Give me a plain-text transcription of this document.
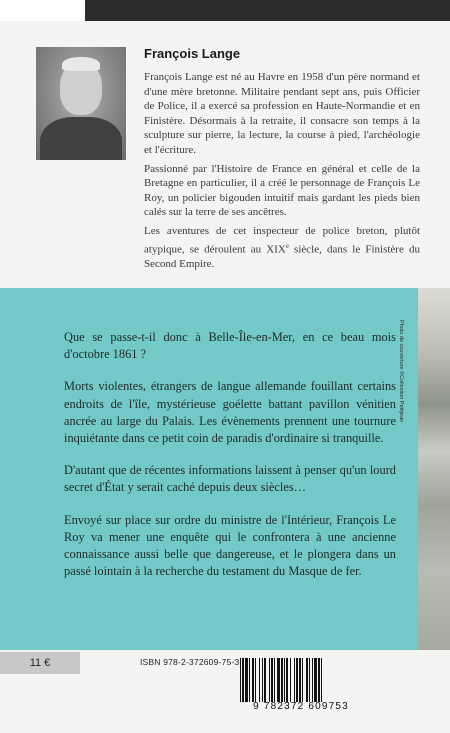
François Lange

François Lange est né au Havre en 1958 d'un père normand et d'une mère bretonne. Militaire pendant sept ans, puis Officier de Police, il a exercé sa profession en Haute-Normandie et en Finistère. Désormais à la retraite, il consacre son temps à la sculpture sur pierre, la lecture, la course à pied, l'archéologie et l'écriture.

Passionné par l'Histoire de France en général et celle de la Bretagne en particulier, il a créé le personnage de François Le Roy, un policier bigouden intuitif mais gardant les pieds bien calés sur la terre de ses ancêtres.

Les aventures de cet inspecteur de police breton, plutôt atypique, se déroulent au XIXe siècle, dans le Finistère du Second Empire.

Photo de couverture ©Collection Petitjean

Que se passe-t-il donc à Belle-Île-en-Mer, en ce beau mois d'octobre 1861 ?

Morts violentes, étrangers de langue allemande fouillant certains endroits de l'île, mystérieuse goélette battant pavillon vénitien ancrée au large du Palais. Les évènements prennent une tournure inquiétante dans ce petit coin de paradis d'ordinaire si tranquille.

D'autant que de récentes informations laissent à penser qu'un lourd secret d'État y serait caché depuis deux siècles…

Envoyé sur place sur ordre du ministre de l'Intérieur, François Le Roy va mener une enquête qui le confrontera à une ancienne connaissance aussi belle que dangereuse, et le plongera dans un passé lointain à la recherche du testament du Masque de fer.

11 €	ISBN 978-2-372609-75-3
9 782372 609753
